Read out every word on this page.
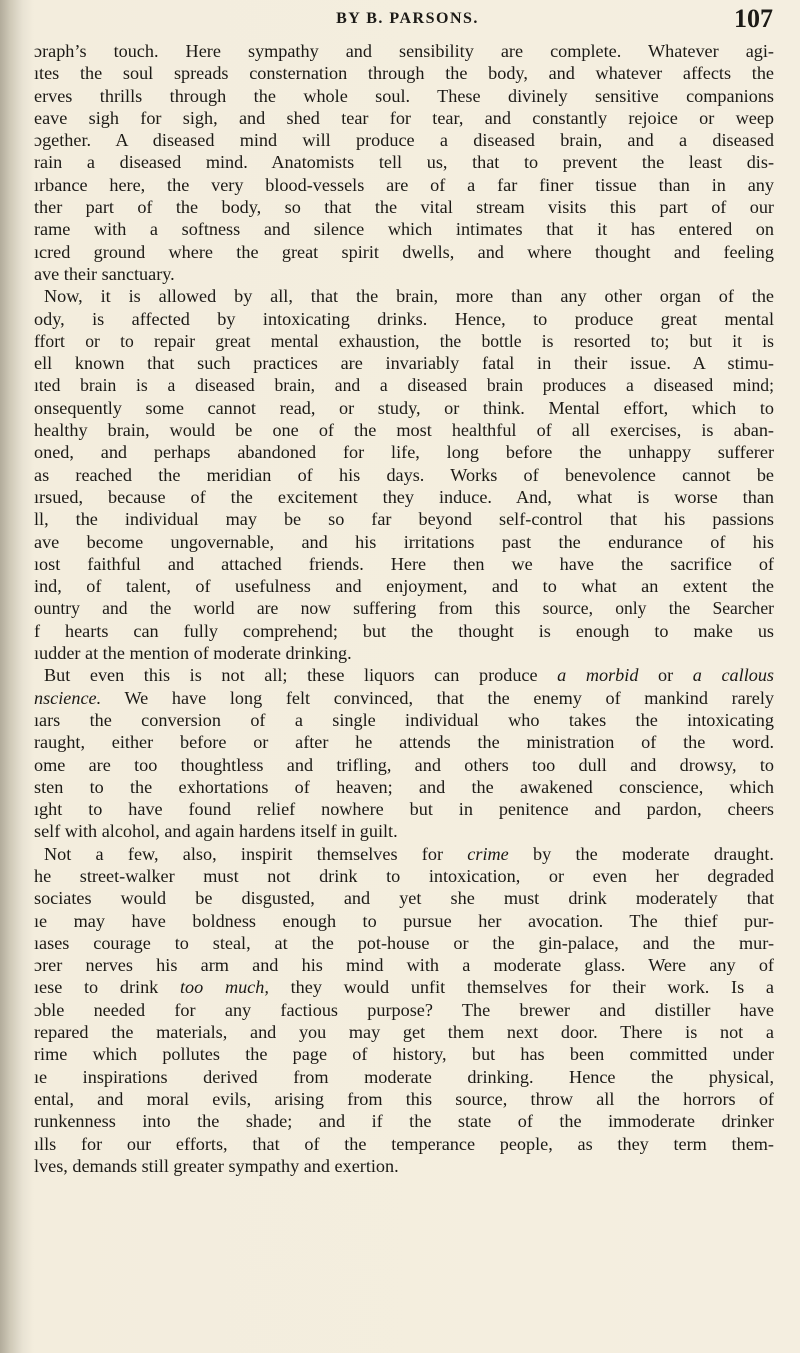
BY B. PARSONS.	107
ɔraph’s touch. Here sympathy and sensibility are complete. Whatever agi-
ıtes the soul spreads consternation through the body, and whatever affects the
erves thrills through the whole soul. These divinely sensitive companions
eave sigh for sigh, and shed tear for tear, and constantly rejoice or weep
ɔgether. A diseased mind will produce a diseased brain, and a diseased
rain a diseased mind. Anatomists tell us, that to prevent the least dis-
ırbance here, the very blood-vessels are of a far finer tissue than in any
ther part of the body, so that the vital stream visits this part of our
rame with a softness and silence which intimates that it has entered on
ıcred ground where the great spirit dwells, and where thought and feeling
ave their sanctuary.
Now, it is allowed by all, that the brain, more than any other organ of the
ody, is affected by intoxicating drinks. Hence, to produce great mental
ffort or to repair great mental exhaustion, the bottle is resorted to; but it is
ell known that such practices are invariably fatal in their issue. A stimu-
ıted brain is a diseased brain, and a diseased brain produces a diseased mind;
onsequently some cannot read, or study, or think. Mental effort, which to
healthy brain, would be one of the most healthful of all exercises, is aban-
oned, and perhaps abandoned for life, long before the unhappy sufferer
as reached the meridian of his days. Works of benevolence cannot be
ırsued, because of the excitement they induce. And, what is worse than
ll, the individual may be so far beyond self-control that his passions
ave become ungovernable, and his irritations past the endurance of his
ıost faithful and attached friends. Here then we have the sacrifice of
ind, of talent, of usefulness and enjoyment, and to what an extent the
ountry and the world are now suffering from this source, only the Searcher
f hearts can fully comprehend; but the thought is enough to make us
ıudder at the mention of moderate drinking.
But even this is not all; these liquors can produce a morbid or a callous
nscience. We have long felt convinced, that the enemy of mankind rarely
ıars the conversion of a single individual who takes the intoxicating
raught, either before or after he attends the ministration of the word.
ome are too thoughtless and trifling, and others too dull and drowsy, to
sten to the exhortations of heaven; and the awakened conscience, which
ıght to have found relief nowhere but in penitence and pardon, cheers
self with alcohol, and again hardens itself in guilt.
Not a few, also, inspirit themselves for crime by the moderate draught.
he street-walker must not drink to intoxication, or even her degraded
sociates would be disgusted, and yet she must drink moderately that
ıe may have boldness enough to pursue her avocation. The thief pur-
ıases courage to steal, at the pot-house or the gin-palace, and the mur-
ɔrer nerves his arm and his mind with a moderate glass. Were any of
ıese to drink too much, they would unfit themselves for their work. Is a
ɔble needed for any factious purpose? The brewer and distiller have
repared the materials, and you may get them next door. There is not a
rime which pollutes the page of history, but has been committed under
ıe inspirations derived from moderate drinking. Hence the physical,
ental, and moral evils, arising from this source, throw all the horrors of
runkenness into the shade; and if the state of the immoderate drinker
ılls for our efforts, that of the temperance people, as they term them-
lves, demands still greater sympathy and exertion.
